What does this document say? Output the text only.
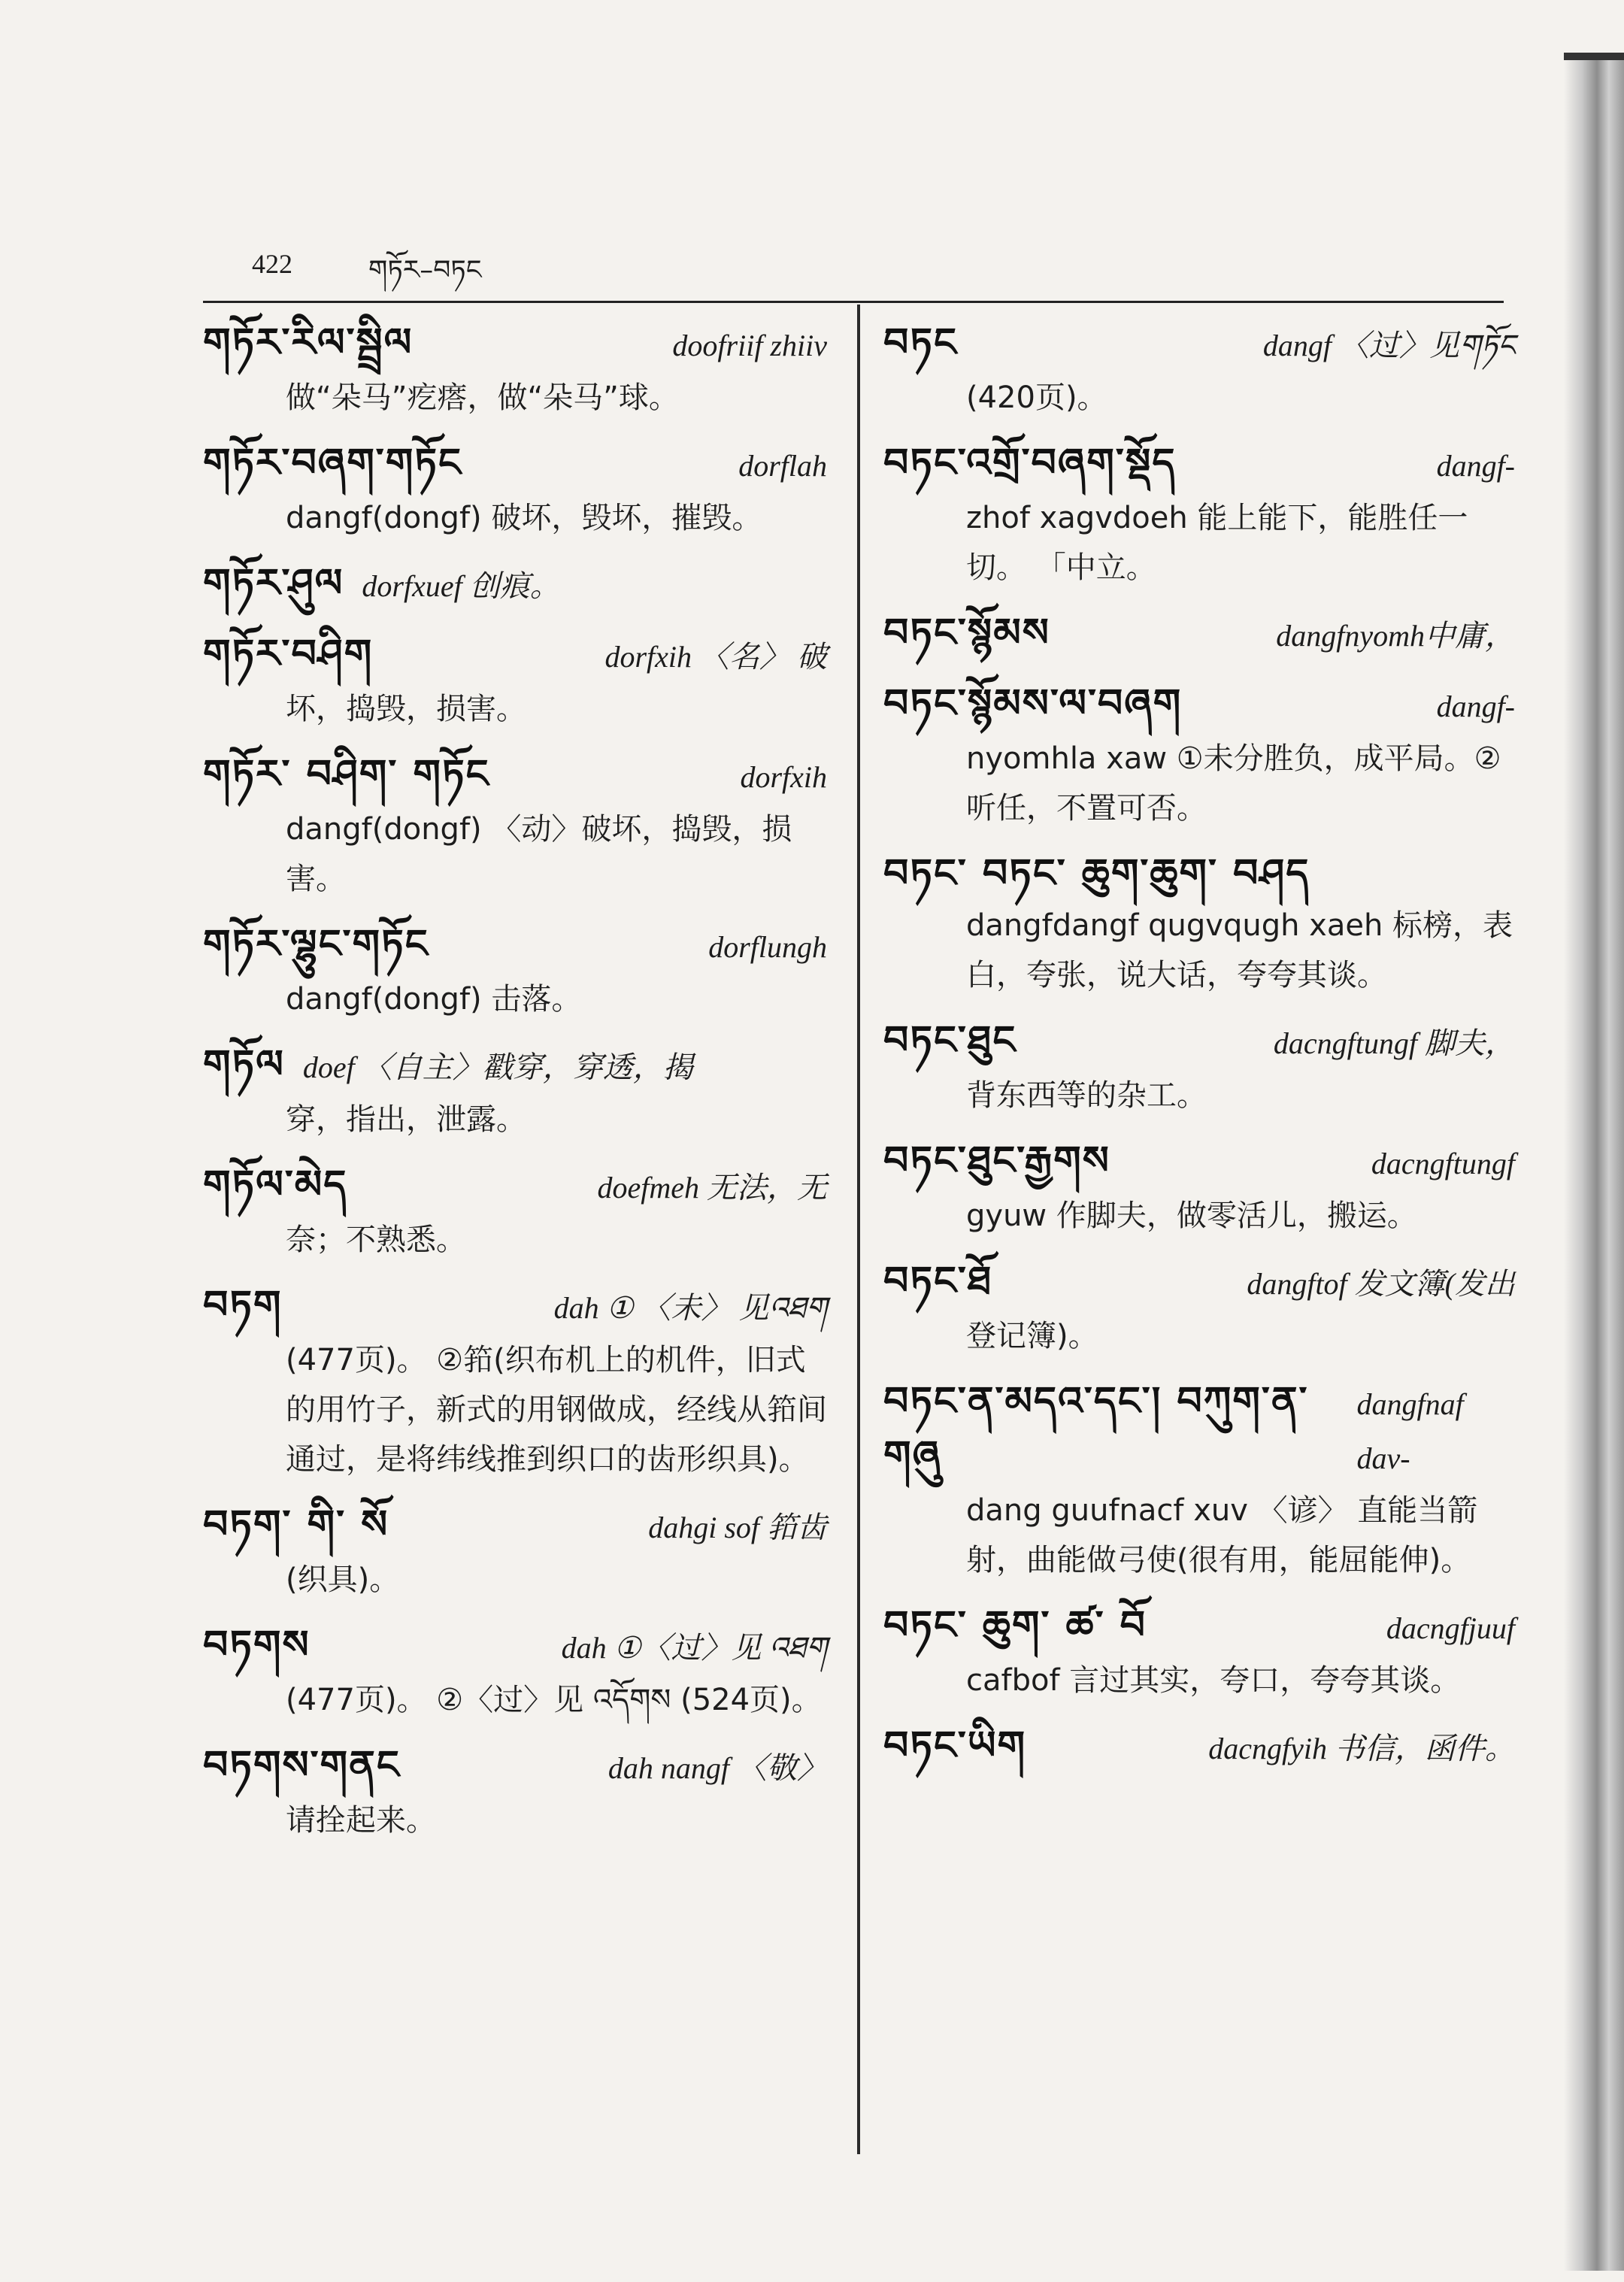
422	གཏོར–བཏང
གཏོར་རིལ་སྦྲིལ	doofriif zhiiv
做“朵马”疙瘩，做“朵马”球。
གཏོར་བཞག་གཏོང	dorflah
dangf(dongf) 破坏，毁坏，摧毁。
གཏོར་ཤུལ dorfxuef 创痕。
གཏོར་བཤིག	dorfxih 〈名〉 破
坏，捣毁，损害。
གཏོར་ བཤིག་ གཏོང	dorfxih
dangf(dongf) 〈动〉破坏，捣毁，损害。
གཏོར་ལྷུང་གཏོང	dorflungh
dangf(dongf) 击落。
གཏོལ doef 〈自主〉戳穿，穿透，揭
穿，指出，泄露。
གཏོལ་མེད	doefmeh 无法，无
奈；不熟悉。
བཏག	dah ① 〈未〉 见འཐག
(477页)。 ②筘(织布机上的机件，旧式的用竹子，新式的用钢做成，经线从筘间通过，是将纬线推到织口的齿形织具)。
བཏག་ གི་ སོ	dahgi sof 筘齿
(织具)。
བཏགས	dah ①〈过〉见 འཐག
(477页)。 ②〈过〉见 འདོགས (524页)。
བཏགས་གནང	dah nangf 〈敬〉
请拴起来。
བཏང	dangf 〈过〉见གཏོང
(420页)。
བཏང་འགྲོ་བཞག་སྡོད	dangf-
zhof xagvdoeh 能上能下，能胜任一切。 「中立。
བཏང་སྙོམས	dangfnyomh中庸，
བཏང་སྙོམས་ལ་བཞག	dangf-
nyomhla xaw ①未分胜负，成平局。②听任，不置可否。
བཏང་ བཏང་ ཆུག་ཆུག་ བཤད
dangfdangf qugvqugh xaeh 标榜，表白，夸张，说大话，夸夸其谈。
བཏང་ཐུང	dacngftungf 脚夫，
背东西等的杂工。
བཏང་ཐུང་རྒྱགས	dacngftungf
gyuw 作脚夫，做零活儿，搬运。
བཏང་ཐོ	dangftof 发文簿(发出
登记簿)。
བཏང་ན་མདའ་དང་། བཀུག་ན་གཞུ
dangfnaf dav-
dang guufnacf xuv 〈谚〉 直能当箭射，曲能做弓使(很有用，能屈能伸)。
བཏང་ ཆུག་ ཚ་ བོ	dacngfjuuf
cafbof 言过其实，夸口，夸夸其谈。
བཏང་ཡིག	dacngfyih 书信，函件。
